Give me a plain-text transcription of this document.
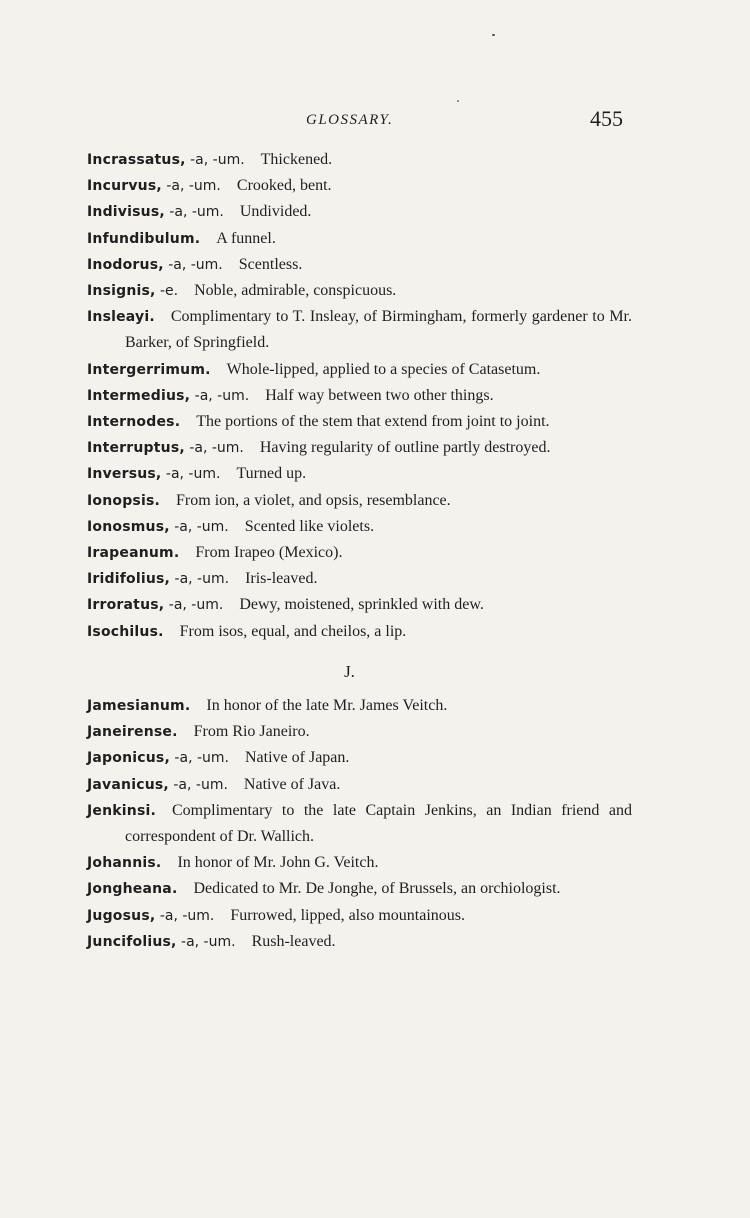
GLOSSARY.	455
Incrassatus, -a, -um.  Thickened.
Incurvus, -a, -um.  Crooked, bent.
Indivisus, -a, -um.  Undivided.
Infundibulum.  A funnel.
Inodorus, -a, -um.  Scentless.
Insignis, -e.  Noble, admirable, conspicuous.
Insleayi.  Complimentary to T. Insleay, of Birmingham, formerly gardener to Mr. Barker, of Springfield.
Intergerrimum.  Whole-lipped, applied to a species of Catasetum.
Intermedius, -a, -um.  Half way between two other things.
Internodes.  The portions of the stem that extend from joint to joint.
Interruptus, -a, -um.  Having regularity of outline partly destroyed.
Inversus, -a, -um.  Turned up.
Ionopsis.  From ion, a violet, and opsis, resemblance.
Ionosmus, -a, -um.  Scented like violets.
Irapeanum.  From Irapeo (Mexico).
Iridifolius, -a, -um.  Iris-leaved.
Irroratus, -a, -um.  Dewy, moistened, sprinkled with dew.
Isochilus.  From isos, equal, and cheilos, a lip.
J.
Jamesianum.  In honor of the late Mr. James Veitch.
Janeirense.  From Rio Janeiro.
Japonicus, -a, -um.  Native of Japan.
Javanicus, -a, -um.  Native of Java.
Jenkinsi.  Complimentary to the late Captain Jenkins, an Indian friend and correspondent of Dr. Wallich.
Johannis.  In honor of Mr. John G. Veitch.
Jongheana.  Dedicated to Mr. De Jonghe, of Brussels, an orchiologist.
Jugosus, -a, -um.  Furrowed, lipped, also mountainous.
Juncifolius, -a, -um.  Rush-leaved.
